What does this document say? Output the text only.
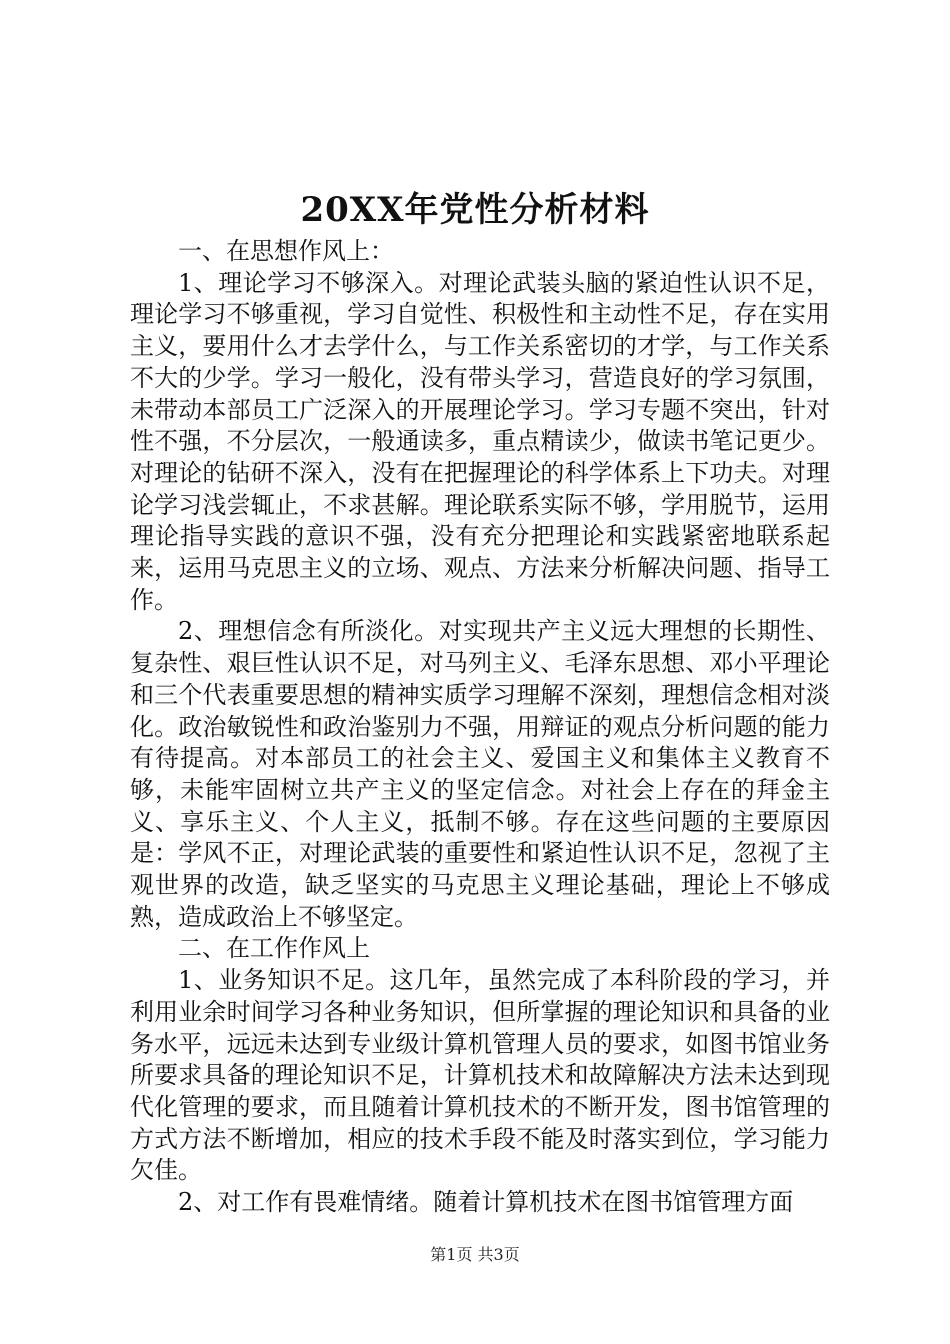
20XX年党性分析材料

一、在思想作风上：

1、理论学习不够深入。对理论武装头脑的紧迫性认识不足，理论学习不够重视，学习自觉性、积极性和主动性不足，存在实用主义，要用什么才去学什么，与工作关系密切的才学，与工作关系不大的少学。学习一般化，没有带头学习，营造良好的学习氛围，未带动本部员工广泛深入的开展理论学习。学习专题不突出，针对性不强，不分层次，一般通读多，重点精读少，做读书笔记更少。对理论的钻研不深入，没有在把握理论的科学体系上下功夫。对理论学习浅尝辄止，不求甚解。理论联系实际不够，学用脱节，运用理论指导实践的意识不强，没有充分把理论和实践紧密地联系起来，运用马克思主义的立场、观点、方法来分析解决问题、指导工作。

2、理想信念有所淡化。对实现共产主义远大理想的长期性、复杂性、艰巨性认识不足，对马列主义、毛泽东思想、邓小平理论和三个代表重要思想的精神实质学习理解不深刻，理想信念相对淡化。政治敏锐性和政治鉴别力不强，用辩证的观点分析问题的能力有待提高。对本部员工的社会主义、爱国主义和集体主义教育不够，未能牢固树立共产主义的坚定信念。对社会上存在的拜金主义、享乐主义、个人主义，抵制不够。存在这些问题的主要原因是：学风不正，对理论武装的重要性和紧迫性认识不足，忽视了主观世界的改造，缺乏坚实的马克思主义理论基础，理论上不够成熟，造成政治上不够坚定。

二、在工作作风上

1、业务知识不足。这几年，虽然完成了本科阶段的学习，并利用业余时间学习各种业务知识，但所掌握的理论知识和具备的业务水平，远远未达到专业级计算机管理人员的要求，如图书馆业务所要求具备的理论知识不足，计算机技术和故障解决方法未达到现代化管理的要求，而且随着计算机技术的不断开发，图书馆管理的方式方法不断增加，相应的技术手段不能及时落实到位，学习能力欠佳。

2、对工作有畏难情绪。随着计算机技术在图书馆管理方面

第1页 共3页
